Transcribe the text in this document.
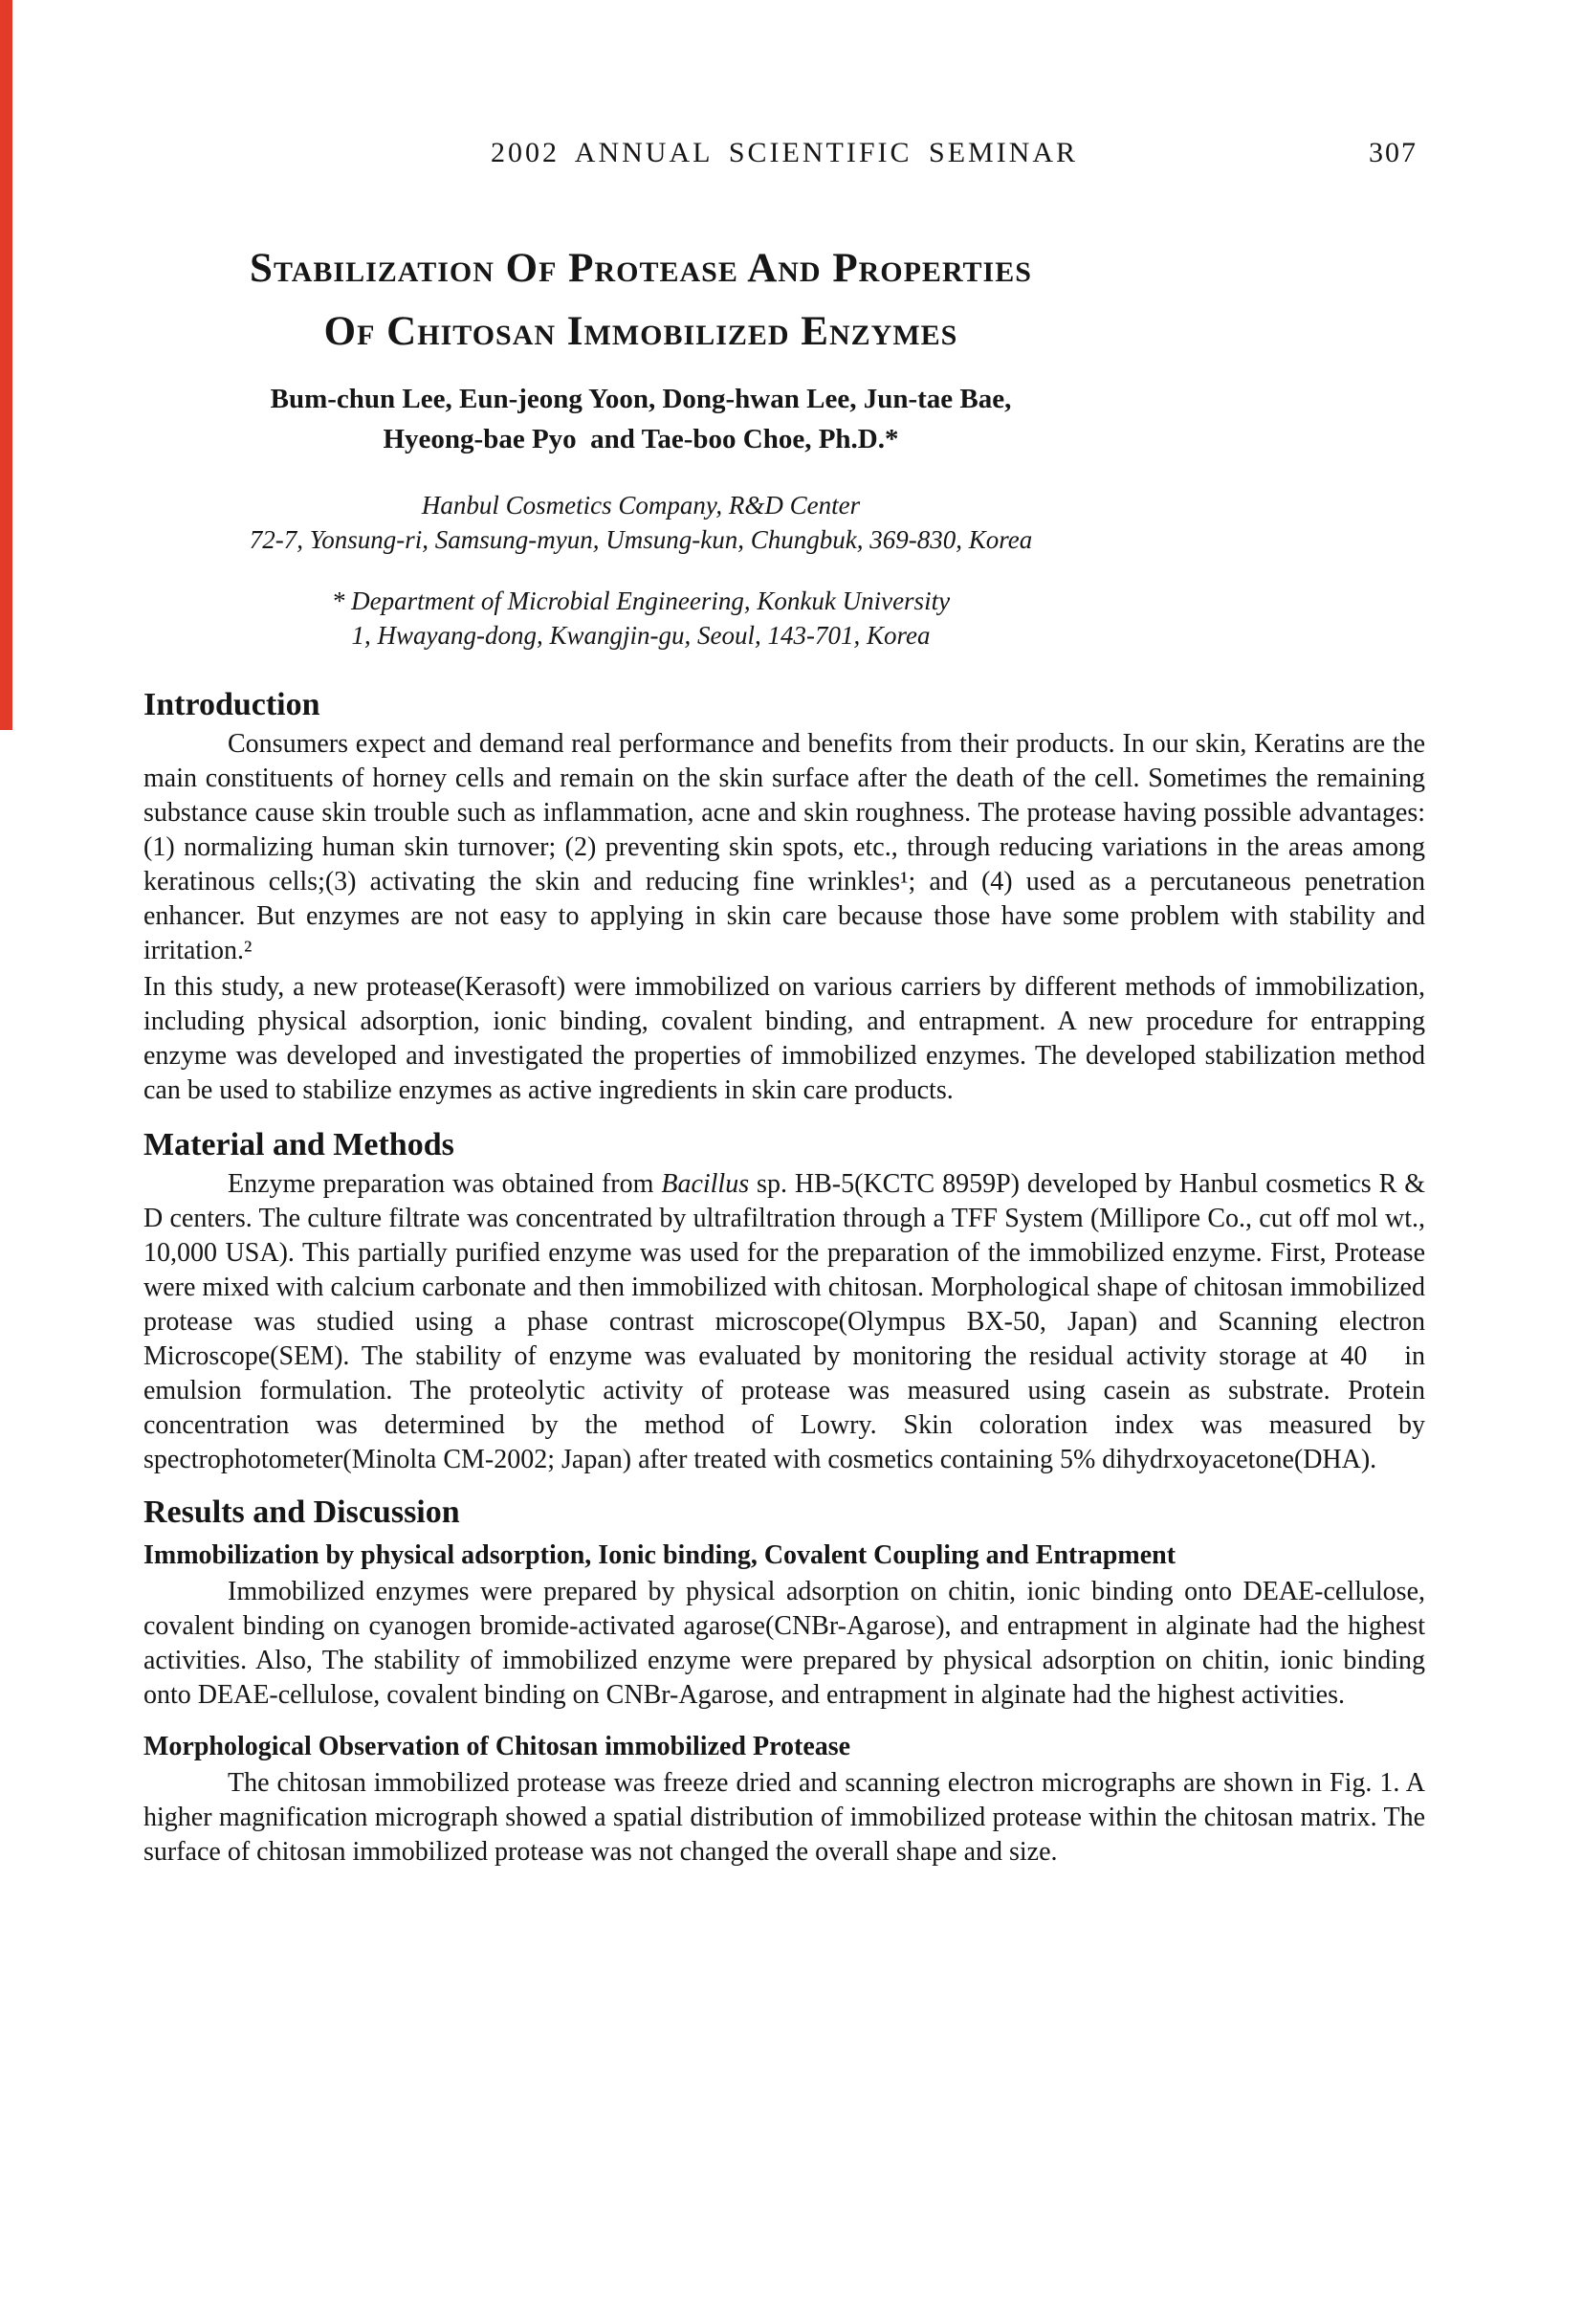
2002 ANNUAL SCIENTIFIC SEMINAR	307
Stabilization Of Protease And Properties
Of Chitosan Immobilized Enzymes
Bum-chun Lee, Eun-jeong Yoon, Dong-hwan Lee, Jun-tae Bae,
Hyeong-bae Pyo  and Tae-boo Choe, Ph.D.*
Hanbul Cosmetics Company, R&D Center
72-7, Yonsung-ri, Samsung-myun, Umsung-kun, Chungbuk, 369-830, Korea
* Department of Microbial Engineering, Konkuk University
1, Hwayang-dong, Kwangjin-gu, Seoul, 143-701, Korea
Introduction

Consumers expect and demand real performance and benefits from their products. In our skin, Keratins are the main constituents of horney cells and remain on the skin surface after the death of the cell. Sometimes the remaining substance cause skin trouble such as inflammation, acne and skin roughness. The protease having possible advantages: (1) normalizing human skin turnover; (2) preventing skin spots, etc., through reducing variations in the areas among keratinous cells;(3) activating the skin and reducing fine wrinkles¹; and (4) used as a percutaneous penetration enhancer. But enzymes are not easy to applying in skin care because those have some problem with stability and irritation.²

In this study, a new protease(Kerasoft) were immobilized on various carriers by different methods of immobilization, including physical adsorption, ionic binding, covalent binding, and entrapment. A new procedure for entrapping enzyme was developed and investigated the properties of immobilized enzymes. The developed stabilization method can be used to stabilize enzymes as active ingredients in skin care products.

Material and Methods

Enzyme preparation was obtained from Bacillus sp. HB-5(KCTC 8959P) developed by Hanbul cosmetics R & D centers. The culture filtrate was concentrated by ultrafiltration through a TFF System (Millipore Co., cut off mol wt., 10,000 USA). This partially purified enzyme was used for the preparation of the immobilized enzyme. First, Protease were mixed with calcium carbonate and then immobilized with chitosan. Morphological shape of chitosan immobilized protease was studied using a phase contrast microscope(Olympus BX-50, Japan) and Scanning electron Microscope(SEM). The stability of enzyme was evaluated by monitoring the residual activity storage at 40   in emulsion formulation. The proteolytic activity of protease was measured using casein as substrate. Protein concentration was determined by the method of Lowry. Skin coloration index was measured by spectrophotometer(Minolta CM-2002; Japan) after treated with cosmetics containing 5% dihydrxoyacetone(DHA).

Results and Discussion
Immobilization by physical adsorption, Ionic binding, Covalent Coupling and Entrapment

Immobilized enzymes were prepared by physical adsorption on chitin, ionic binding onto DEAE-cellulose, covalent binding on cyanogen bromide-activated agarose(CNBr-Agarose), and entrapment in alginate had the highest activities. Also, The stability of immobilized enzyme were prepared by physical adsorption on chitin, ionic binding onto DEAE-cellulose, covalent binding on CNBr-Agarose, and entrapment in alginate had the highest activities.

Morphological Observation of Chitosan immobilized Protease

The chitosan immobilized protease was freeze dried and scanning electron micrographs are shown in Fig. 1. A higher magnification micrograph showed a spatial distribution of immobilized protease within the chitosan matrix. The surface of chitosan immobilized protease was not changed the overall shape and size.
